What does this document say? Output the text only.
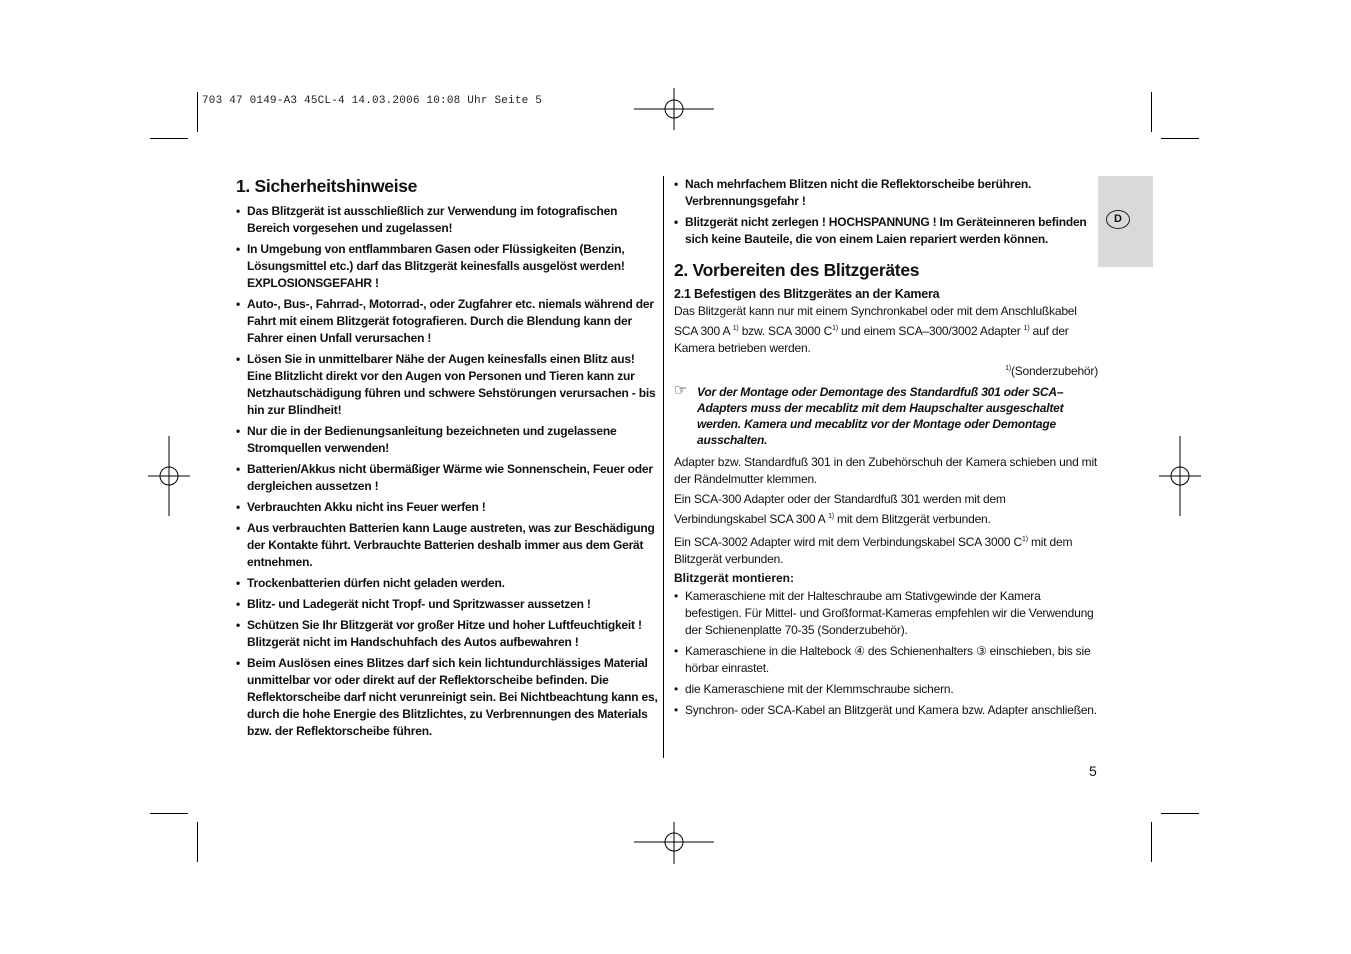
703 47 0149-A3 45CL-4 14.03.2006 10:08 Uhr Seite 5
D
1. Sicherheitshinweise
• Das Blitzgerät ist ausschließlich zur Verwendung im fotografischen Bereich vorgesehen und zugelassen!
• In Umgebung von entflammbaren Gasen oder Flüssigkeiten (Benzin, Lösungsmittel etc.) darf das Blitzgerät keinesfalls ausgelöst werden! EXPLOSIONSGEFAHR !
• Auto-, Bus-, Fahrrad-, Motorrad-, oder Zugfahrer etc. niemals während der Fahrt mit einem Blitzgerät fotografieren. Durch die Blendung kann der Fahrer einen Unfall verursachen !
• Lösen Sie in unmittelbarer Nähe der Augen keinesfalls einen Blitz aus! Eine Blitzlicht direkt vor den Augen von Personen und Tieren kann zur Netzhautschädigung führen und schwere Sehstörungen verursachen - bis hin zur Blindheit!
• Nur die in der Bedienungsanleitung bezeichneten und zugelassene Stromquellen verwenden!
• Batterien/Akkus nicht übermäßiger Wärme wie Sonnenschein, Feuer oder dergleichen aussetzen !
• Verbrauchten Akku nicht ins Feuer werfen !
• Aus verbrauchten Batterien kann Lauge austreten, was zur Beschädigung der Kontakte führt. Verbrauchte Batterien deshalb immer aus dem Gerät entnehmen.
• Trockenbatterien dürfen nicht geladen werden.
• Blitz- und Ladegerät nicht Tropf- und Spritzwasser aussetzen !
• Schützen Sie Ihr Blitzgerät vor großer Hitze und hoher Luftfeuchtigkeit ! Blitzgerät nicht im Handschuhfach des Autos aufbewahren !
• Beim Auslösen eines Blitzes darf sich kein lichtundurchlässiges Material unmittelbar vor oder direkt auf der Reflektorscheibe befinden. Die Reflektorscheibe darf nicht verunreinigt sein. Bei Nichtbeachtung kann es, durch die hohe Energie des Blitzlichtes, zu Verbrennungen des Materials bzw. der Reflektorscheibe führen.
• Nach mehrfachem Blitzen nicht die Reflektorscheibe berühren. Verbrennungsgefahr !
• Blitzgerät nicht zerlegen ! HOCHSPANNUNG ! Im Geräteinneren befinden sich keine Bauteile, die von einem Laien repariert werden können.
2. Vorbereiten des Blitzgerätes
2.1 Befestigen des Blitzgerätes an der Kamera

Das Blitzgerät kann nur mit einem Synchronkabel oder mit dem Anschlußkabel SCA 300 A $^{1)}$ bzw. SCA 3000 $C^{1)}$ und einem SCA–300/3002 Adapter $^{1)}$ auf der Kamera betrieben werden.

$^{1)}$(Sonderzubehör)

☞ Vor der Montage oder Demontage des Standardfuß 301 oder SCA–Adapters muss der mecablitz mit dem Haupschalter ausgeschaltet werden. Kamera und mecablitz vor der Montage oder Demontage ausschalten.

Adapter bzw. Standardfuß 301 in den Zubehörschuh der Kamera schieben und mit der Rändelmutter klemmen.

Ein SCA-300 Adapter oder der Standardfuß 301 werden mit dem Verbindungskabel SCA 300 A $^{1)}$ mit dem Blitzgerät verbunden.

Ein SCA-3002 Adapter wird mit dem Verbindungskabel SCA 3000 $C^{1)}$ mit dem Blitzgerät verbunden.

Blitzgerät montieren:
• Kameraschiene mit der Halteschraube am Stativgewinde der Kamera befestigen. Für Mittel- und Großformat-Kameras empfehlen wir die Verwendung der Schienenplatte 70-35 (Sonderzubehör).
• Kameraschiene in die Haltebock ④ des Schienenhalters ③ einschieben, bis sie hörbar einrastet.
• die Kameraschiene mit der Klemmschraube sichern.
• Synchron- oder SCA-Kabel an Blitzgerät und Kamera bzw. Adapter anschließen.
5
